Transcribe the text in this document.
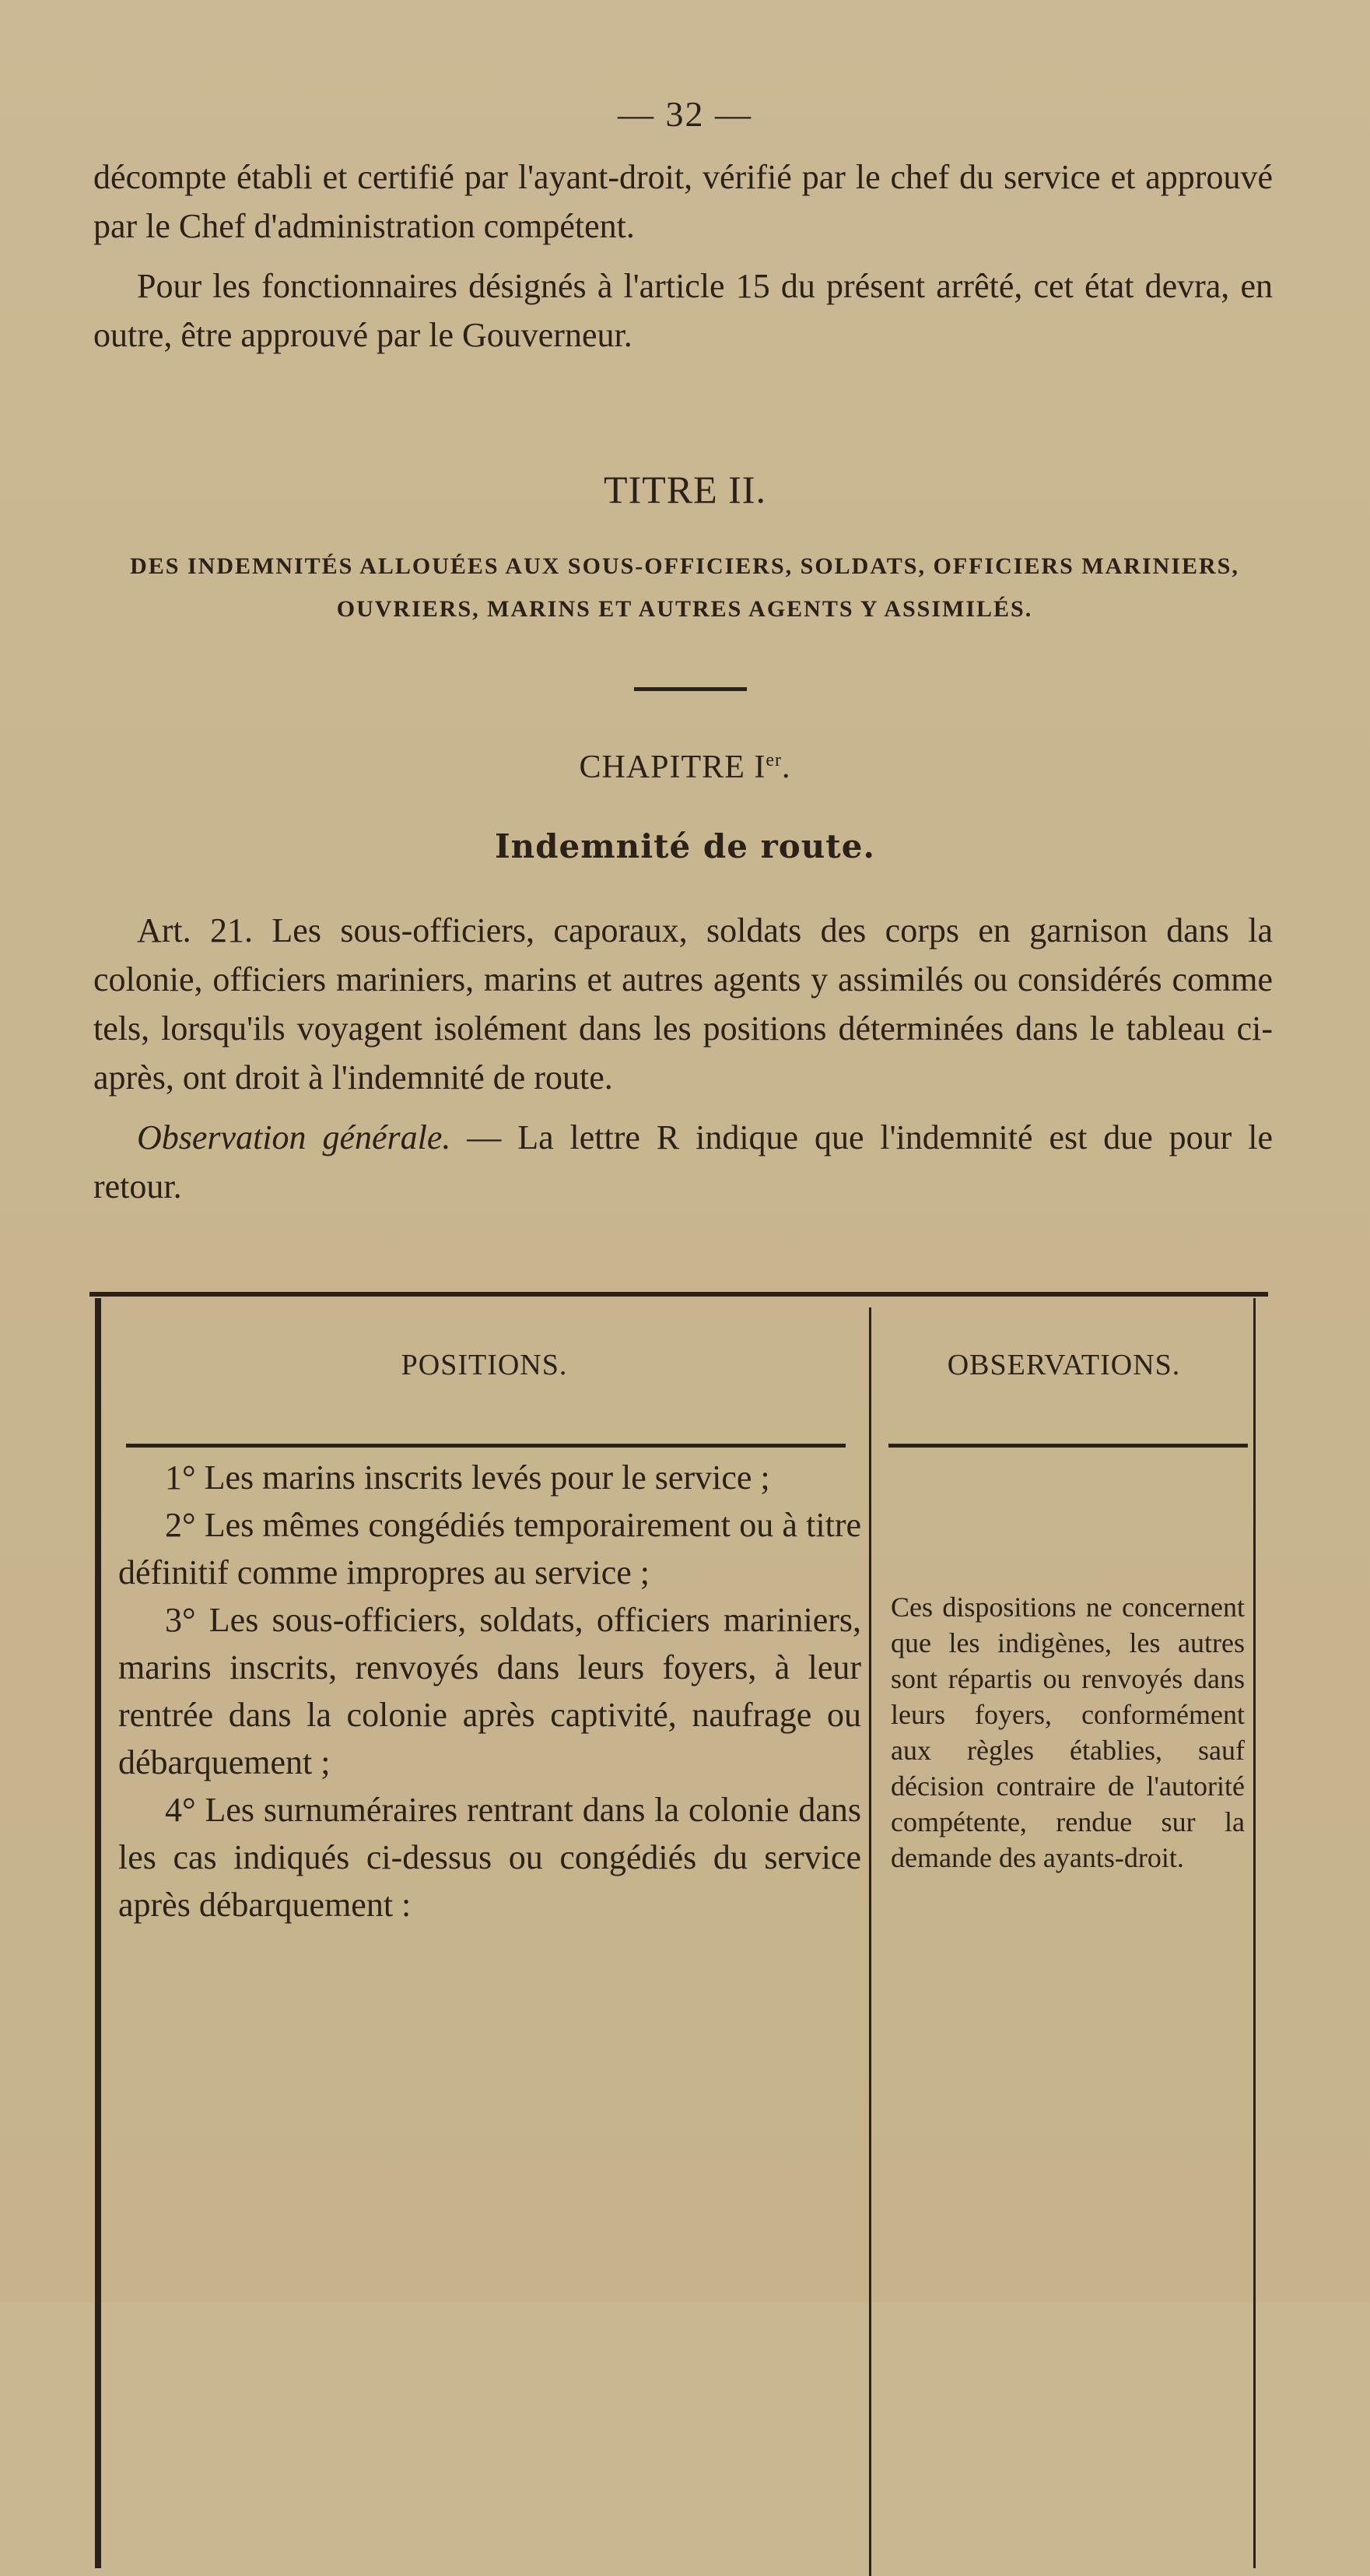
— 32 —

décompte établi et certifié par l'ayant-droit, vérifié par le chef du service et approuvé par le Chef d'administration compétent.

Pour les fonctionnaires désignés à l'article 15 du présent arrêté, cet état devra, en outre, être approuvé par le Gouverneur.

TITRE II.
DES INDEMNITÉS ALLOUÉES AUX SOUS-OFFICIERS, SOLDATS, OFFICIERS MARINIERS, OUVRIERS, MARINS ET AUTRES AGENTS Y ASSIMILÉS.
CHAPITRE Ier.
Indemnité de route.

Art. 21. Les sous-officiers, caporaux, soldats des corps en garnison dans la colonie, officiers mariniers, marins et autres agents y assimilés ou considérés comme tels, lorsqu'ils voyagent isolément dans les positions déterminées dans le tableau ci-après, ont droit à l'indemnité de route.

Observation générale. — La lettre R indique que l'indemnité est due pour le retour.

POSITIONS.	OBSERVATIONS.

1° Les marins inscrits levés pour le service ;

2° Les mêmes congédiés temporairement ou à titre définitif comme impropres au service ;

3° Les sous-officiers, soldats, officiers mariniers, marins inscrits, renvoyés dans leurs foyers, à leur rentrée dans la colonie après captivité, naufrage ou débarquement ;

4° Les surnuméraires rentrant dans la colonie dans les cas indiqués ci-dessus ou congédiés du service après débarquement :

Ces dispositions ne concernent que les indigènes, les autres sont répartis ou renvoyés dans leurs foyers, conformément aux règles établies, sauf décision contraire de l'autorité compétente, rendue sur la demande des ayants-droit.
